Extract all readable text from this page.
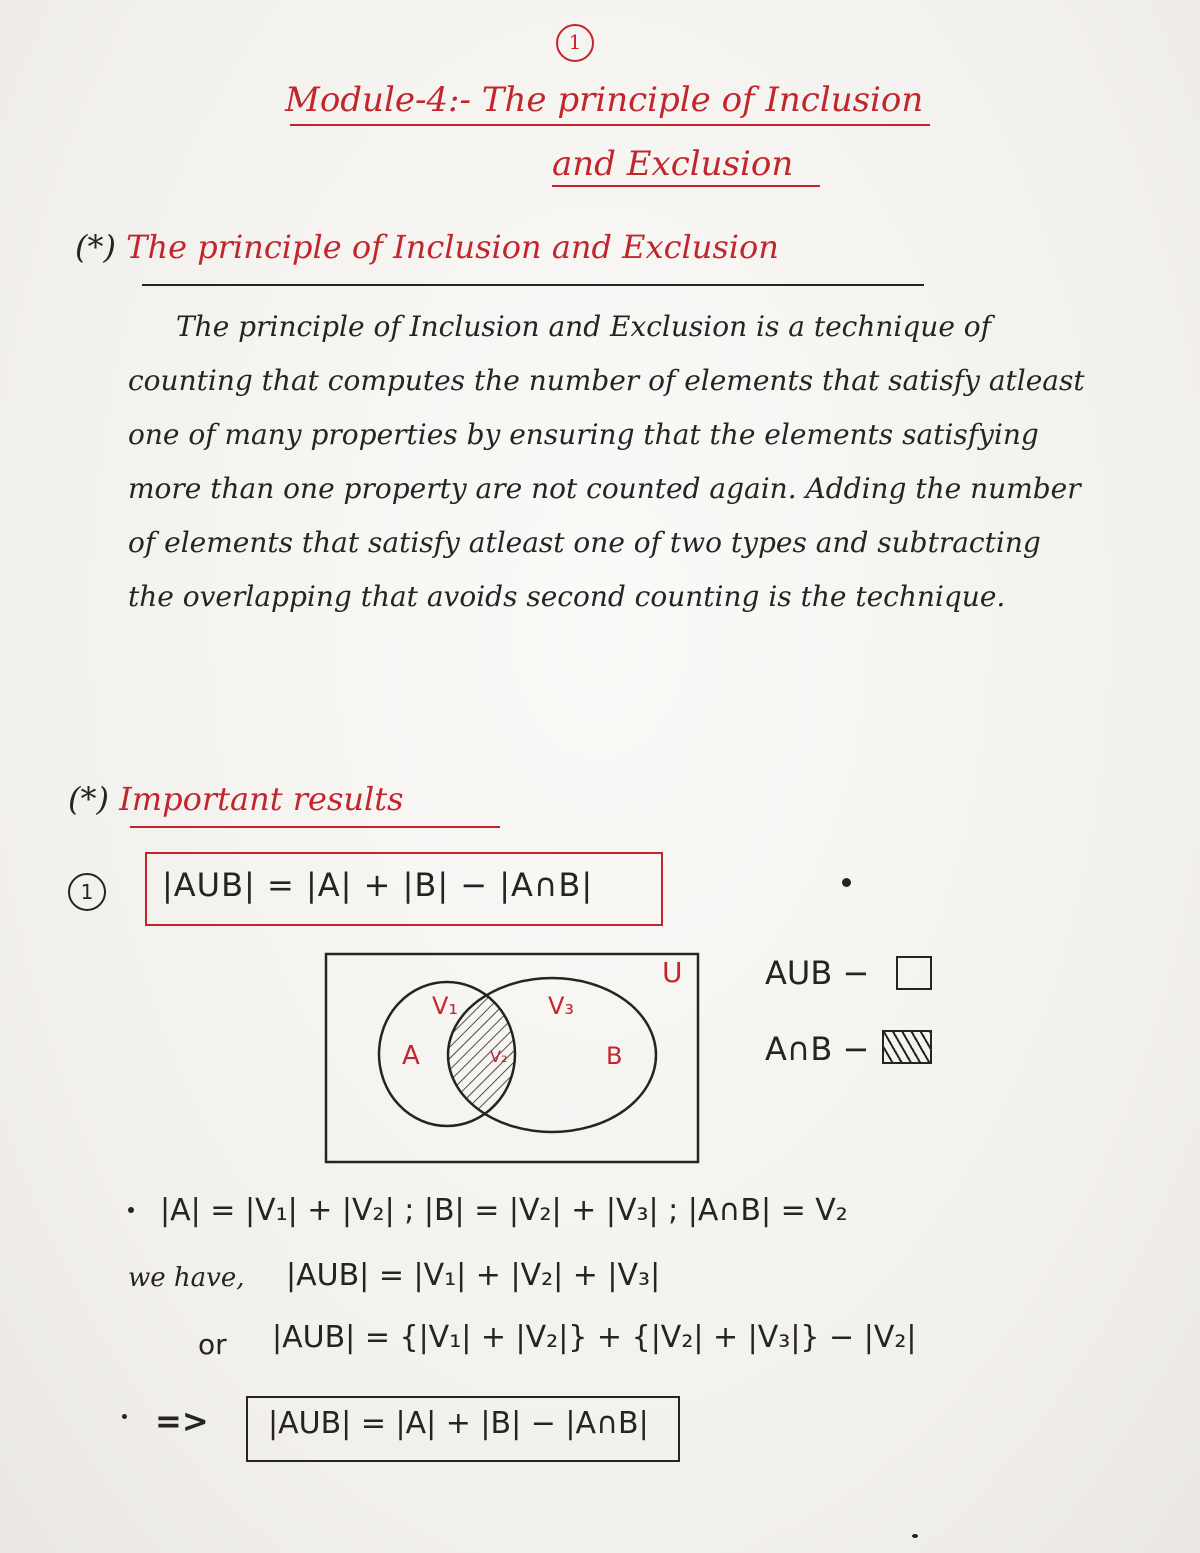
1
Module-4:- The principle of Inclusion
and Exclusion
(*) The principle of Inclusion and Exclusion
The principle of Inclusion and Exclusion is a technique of counting that computes the number of elements that satisfy atleast one of many properties by ensuring that the elements satisfying more than one property are not counted again. Adding the number of elements that satisfy atleast one of two types and subtracting the overlapping that avoids second counting is the technique.
(*) Important results
1	|AUB| = |A| + |B| − |A∩B|
U
V₁	V₃
A	B
V₂
AUB −
A∩B −
|A| = |V₁| + |V₂| ; |B| = |V₂| + |V₃| ; |A∩B| = V₂
we have, |AUB| = |V₁| + |V₂| + |V₃|
or |AUB| = {|V₁| + |V₂|} + {|V₂| + |V₃|} − |V₂|
=> |AUB| = |A| + |B| − |A∩B|
